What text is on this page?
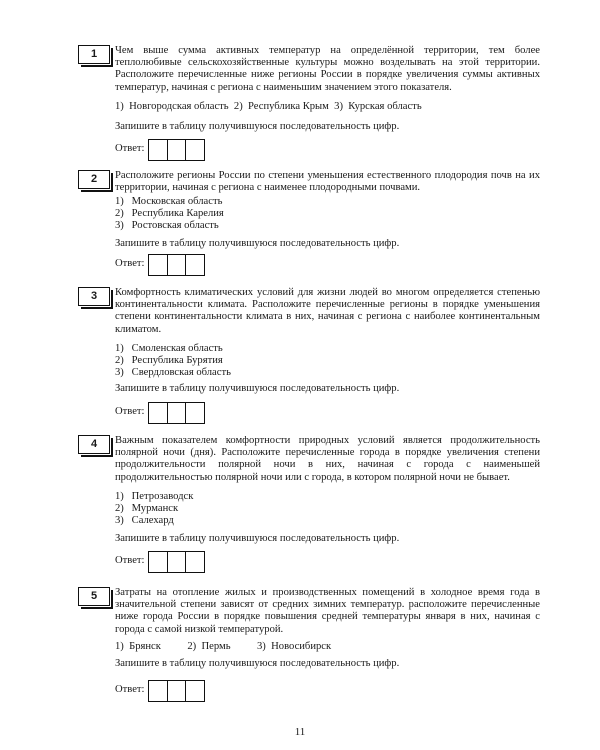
1	Чем выше сумма активных температур на определённой территории, тем более теплолюбивые сельскохозяйственные культуры можно возделывать на этой территории. Расположите перечисленные ниже регионы России в порядке увеличения суммы активных температур, начиная с региона с наименьшим значением этого показателя.

1)  Новгородская область  2)  Республика Крым  3)  Курская область
Запишите в таблицу получившуюся последовательность цифр.
Ответ:
2	Расположите регионы России по степени уменьшения естественного плодородия почв на их территории, начиная с региона с наименее плодородными почвами.

1) Московская область
2) Республика Карелия
3) Ростовская область
Запишите в таблицу получившуюся последовательность цифр.
Ответ:
3	Комфортность климатических условий для жизни людей во многом определяется степенью континентальности климата. Расположите перечисленные регионы в порядке уменьшения степени континентальности климата в них, начиная с региона с наиболее континентальным климатом.

1) Смоленская область
2) Республика Бурятия
3) Свердловская область
Запишите в таблицу получившуюся последовательность цифр.
Ответ:
4	Важным показателем комфортности природных условий является продолжительность полярной ночи (дня). Расположите перечисленные города в порядке увеличения степени продолжительности полярной ночи в них, начиная с города с наименьшей продолжительностью полярной ночи или с города, в котором полярной ночи не бывает.

1) Петрозаводск
2) Мурманск
3) Салехард
Запишите в таблицу получившуюся последовательность цифр.
Ответ:
5	Затраты на отопление жилых и производственных помещений в холодное время года в значительной степени зависят от средних зимних температур. расположите перечисленные ниже города России в порядке повышения средней температуры января в них, начиная с города с самой низкой температурой.

1)  Брянск          2)  Пермь          3)  Новосибирск
Запишите в таблицу получившуюся последовательность цифр.
Ответ:
11
